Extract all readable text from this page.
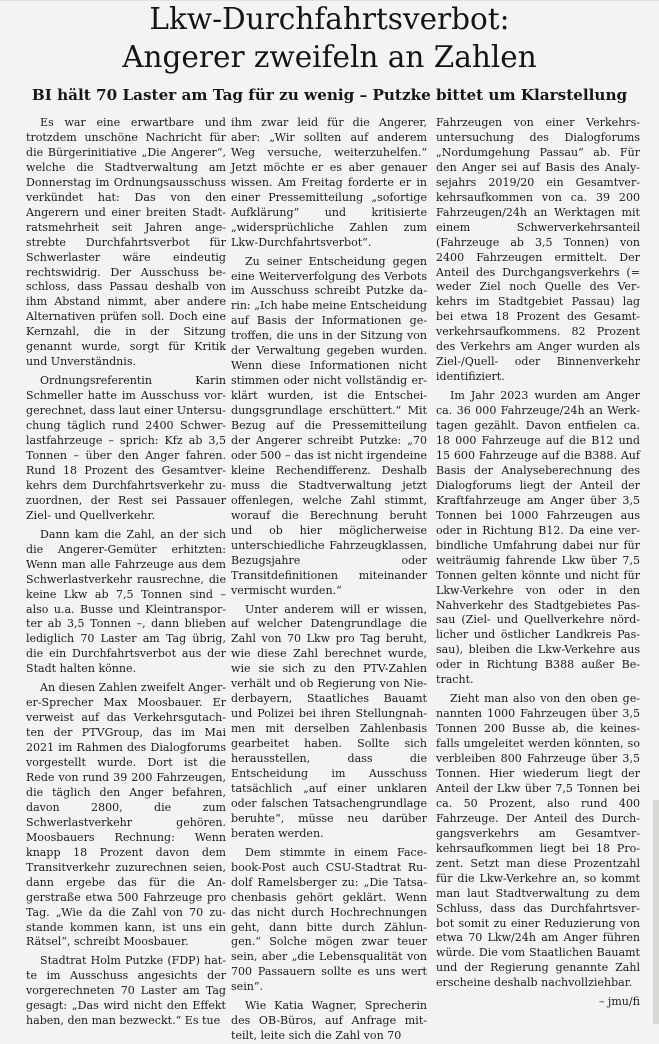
Lkw-Durchfahrtsverbot:
Angerer zweifeln an Zahlen
BI hält 70 Laster am Tag für zu wenig – Putzke bittet um Klarstellung

Es war eine erwartbare und trotzdem unschöne Nachricht für die Bürgerinitiative „Die Angerer“, welche die Stadtverwaltung am Donnerstag im Ordnungsausschuss verkündet hat: Das von den Angerern und einer breiten Stadtratsmehrheit seit Jahren angestrebte Durchfahrtsverbot für Schwerlaster wäre eindeutig rechtswidrig. Der Ausschuss beschloss, dass Passau deshalb von ihm Abstand nimmt, aber andere Alternativen prüfen soll. Doch eine Kernzahl, die in der Sitzung genannt wurde, sorgt für Kritik und Unverständnis.

Ordnungsreferentin Karin Schmeller hatte im Ausschuss vorgerechnet, dass laut einer Untersuchung täglich rund 2400 Schwerlastfahrzeuge – sprich: Kfz ab 3,5 Tonnen – über den Anger fahren. Rund 18 Prozent des Gesamtverkehrs dem Durchfahrtsverkehr zuzuordnen, der Rest sei Passauer Ziel- und Quellverkehr.

Dann kam die Zahl, an der sich die Angerer-Gemüter erhitzten: Wenn man alle Fahrzeuge aus dem Schwerlastverkehr rausrechne, die keine Lkw ab 7,5 Tonnen sind – also u.a. Busse und Kleintransporter ab 3,5 Tonnen –, dann blieben lediglich 70 Laster am Tag übrig, die ein Durchfahrtsverbot aus der Stadt halten könne.

An diesen Zahlen zweifelt Angerer-Sprecher Max Moosbauer. Er verweist auf das Verkehrsgutachten der PTVGroup, das im Mai 2021 im Rahmen des Dialogforums vorgestellt wurde. Dort ist die Rede von rund 39 200 Fahrzeugen, die täglich den Anger befahren, davon 2800, die zum Schwerlastverkehr gehören. Moosbauers Rechnung: Wenn knapp 18 Prozent davon dem Transitverkehr zuzurechnen seien, dann ergebe das für die Angerstraße etwa 500 Fahrzeuge pro Tag. „Wie da die Zahl von 70 zustande kommen kann, ist uns ein Rätsel“, schreibt Moosbauer.

Stadtrat Holm Putzke (FDP) hatte im Ausschuss angesichts der vorgerechneten 70 Laster am Tag gesagt: „Das wird nicht den Effekt haben, den man bezweckt.“ Es tue

ihm zwar leid für die Angerer, aber: „Wir sollten auf anderem Weg versuche, weiterzuhelfen.“ Jetzt möchte er es aber genauer wissen. Am Freitag forderte er in einer Pressemitteilung „sofortige Aufklärung“ und kritisierte „widersprüchliche Zahlen zum Lkw-Durchfahrtsverbot“.

Zu seiner Entscheidung gegen eine Weiterverfolgung des Verbots im Ausschuss schreibt Putzke darin: „Ich habe meine Entscheidung auf Basis der Informationen getroffen, die uns in der Sitzung von der Verwaltung gegeben wurden. Wenn diese Informationen nicht stimmen oder nicht vollständig erklärt wurden, ist die Entscheidungsgrundlage erschüttert.“ Mit Bezug auf die Pressemitteilung der Angerer schreibt Putzke: „70 oder 500 – das ist nicht irgendeine kleine Rechendifferenz. Deshalb muss die Stadtverwaltung jetzt offenlegen, welche Zahl stimmt, worauf die Berechnung beruht und ob hier möglicherweise unterschiedliche Fahrzeugklassen, Bezugsjahre oder Transitdefinitionen miteinander vermischt wurden.“

Unter anderem will er wissen, auf welcher Datengrundlage die Zahl von 70 Lkw pro Tag beruht, wie diese Zahl berechnet wurde, wie sie sich zu den PTV-Zahlen verhält und ob Regierung von Niederbayern, Staatliches Bauamt und Polizei bei ihren Stellungnahmen mit derselben Zahlenbasis gearbeitet haben. Sollte sich herausstellen, dass die Entscheidung im Ausschuss tatsächlich „auf einer unklaren oder falschen Tatsachengrundlage beruhte“, müsse neu darüber beraten werden.

Dem stimmte in einem Facebook-Post auch CSU-Stadtrat Rudolf Ramelsberger zu: „Die Tatsachenbasis gehört geklärt. Wenn das nicht durch Hochrechnungen geht, dann bitte durch Zählungen.“ Solche mögen zwar teuer sein, aber „die Lebensqualität von 700 Passauern sollte es uns wert sein“.

Wie Katia Wagner, Sprecherin des OB-Büros, auf Anfrage mitteilt, leite sich die Zahl von 70

Fahrzeugen von einer Verkehrsuntersuchung des Dialogforums „Nordumgehung Passau“ ab. Für den Anger sei auf Basis des Analysejahrs 2019/20 ein Gesamtverkehrsaufkommen von ca. 39 200 Fahrzeugen/24h an Werktagen mit einem Schwerverkehrsanteil (Fahrzeuge ab 3,5 Tonnen) von 2400 Fahrzeugen ermittelt. Der Anteil des Durchgangsverkehrs (= weder Ziel noch Quelle des Verkehrs im Stadtgebiet Passau) lag bei etwa 18 Prozent des Gesamtverkehrsaufkommens. 82 Prozent des Verkehrs am Anger wurden als Ziel-/Quell- oder Binnenverkehr identifiziert.

Im Jahr 2023 wurden am Anger ca. 36 000 Fahrzeuge/24h an Werktagen gezählt. Davon entfielen ca. 18 000 Fahrzeuge auf die B12 und 15 600 Fahrzeuge auf die B388. Auf Basis der Analyseberechnung des Dialogforums liegt der Anteil der Kraftfahrzeuge am Anger über 3,5 Tonnen bei 1000 Fahrzeugen aus oder in Richtung B12. Da eine verbindliche Umfahrung dabei nur für weiträumig fahrende Lkw über 7,5 Tonnen gelten könnte und nicht für Lkw-Verkehre von oder in den Nahverkehr des Stadtgebietes Passau (Ziel- und Quellverkehre nördlicher und östlicher Landkreis Passau), bleiben die Lkw-Verkehre aus oder in Richtung B388 außer Betracht.

Zieht man also von den oben genannten 1000 Fahrzeugen über 3,5 Tonnen 200 Busse ab, die keinesfalls umgeleitet werden könnten, so verbleiben 800 Fahrzeuge über 3,5 Tonnen. Hier wiederum liegt der Anteil der Lkw über 7,5 Tonnen bei ca. 50 Prozent, also rund 400 Fahrzeuge. Der Anteil des Durchgangsverkehrs am Gesamtverkehrsaufkommen liegt bei 18 Prozent. Setzt man diese Prozentzahl für die Lkw-Verkehre an, so kommt man laut Stadtverwaltung zu dem Schluss, dass das Durchfahrtsverbot somit zu einer Reduzierung von etwa 70 Lkw/24h am Anger führen würde. Die vom Staatlichen Bauamt und der Regierung genannte Zahl erscheine deshalb nachvollziehbar.

– jmu/fi
